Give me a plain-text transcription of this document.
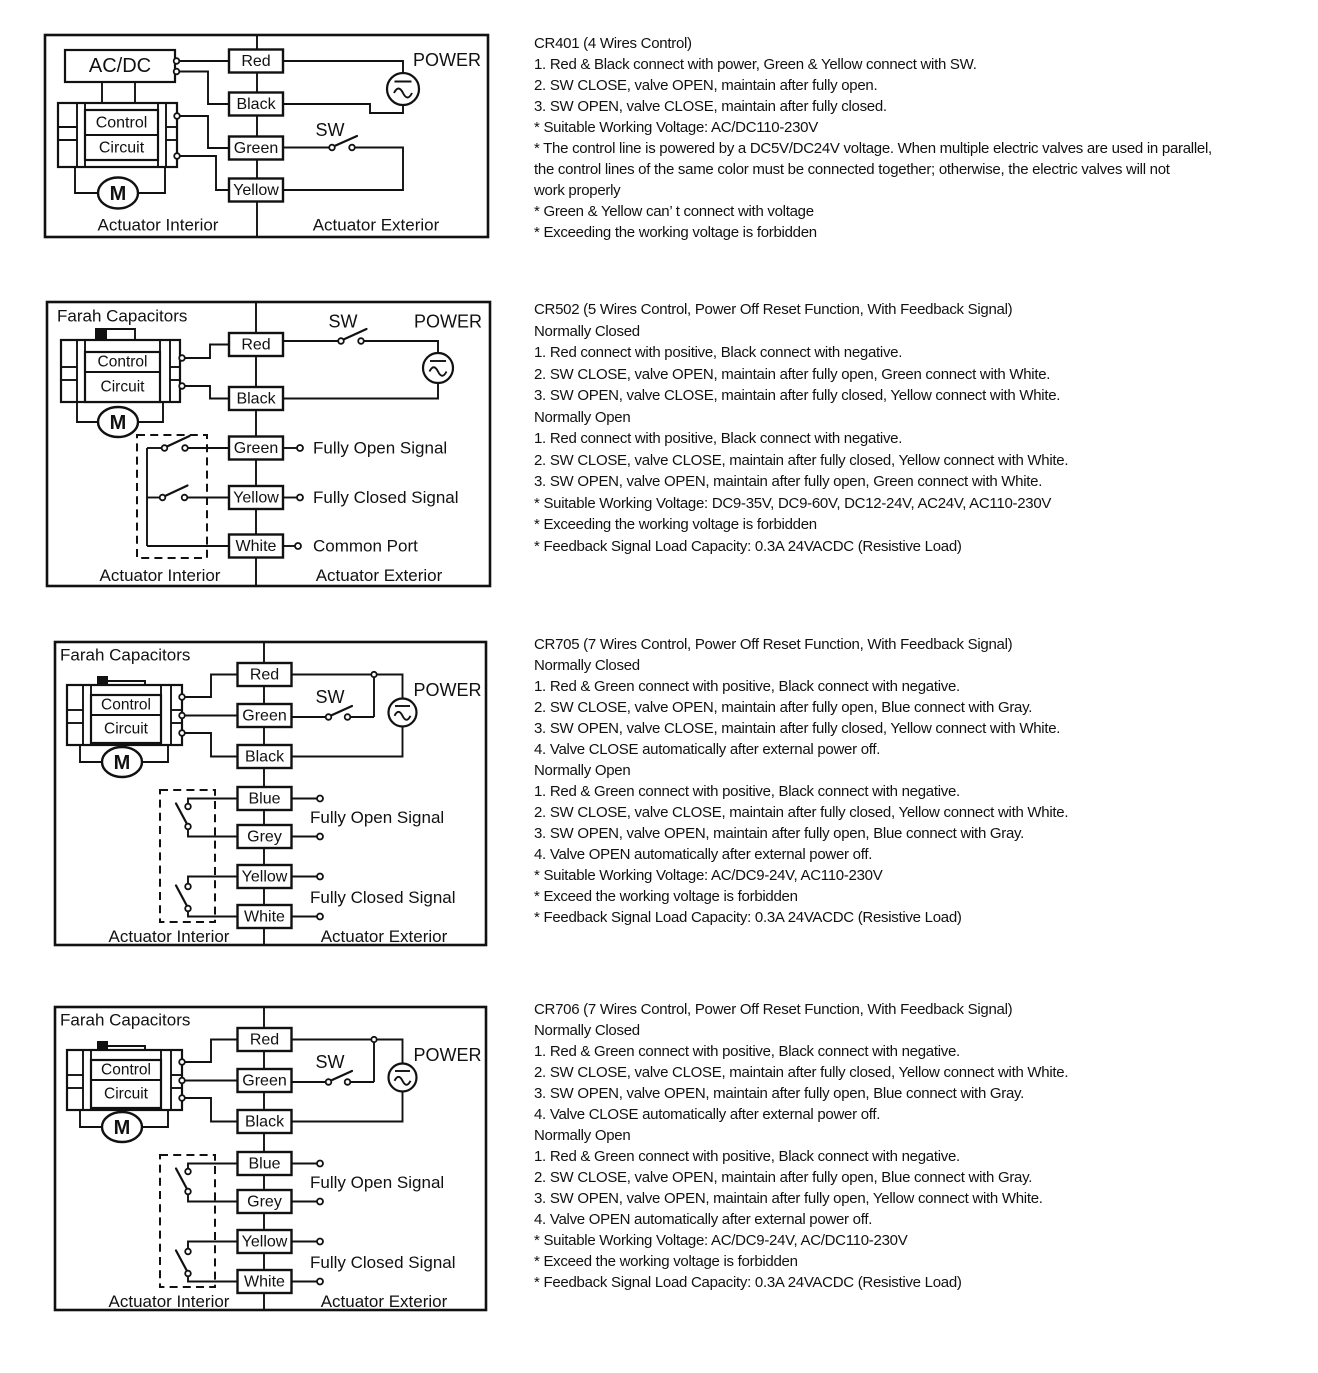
AC/DC
Control
Circuit
M
POWER
SW
Red
Black
Green
Yellow
Actuator Interior	Actuator Exterior
CR401 (4 Wires Control)
1. Red & Black connect with power, Green & Yellow connect with SW.
2. SW CLOSE, valve OPEN, maintain after fully open.
3. SW OPEN, valve CLOSE, maintain after fully closed.
* Suitable Working Voltage: AC/DC110-230V
* The control line is powered by a DC5V/DC24V voltage. When multiple electric valves are used in parallel,
the control lines of the same color must be connected together; otherwise, the electric valves will not
work properly
* Green & Yellow can’ t connect with voltage
* Exceeding the working voltage is forbidden
Farah Capacitors
Control
Circuit
M
POWER
SW
Red
Black
Green
Yellow
White
Fully Open Signal
Fully Closed Signal
Common Port
Actuator Interior	Actuator Exterior
CR502 (5 Wires Control, Power Off Reset Function, With Feedback Signal)
Normally Closed
1. Red connect with positive, Black connect with negative.
2. SW CLOSE, valve OPEN, maintain after fully open, Green connect with White.
3. SW OPEN, valve CLOSE, maintain after fully closed, Yellow connect with White.
Normally Open
1. Red connect with positive, Black connect with negative.
2. SW CLOSE, valve CLOSE, maintain after fully closed, Yellow connect with White.
3. SW OPEN, valve OPEN, maintain after fully open, Green connect with White.
* Suitable Working Voltage: DC9-35V, DC9-60V, DC12-24V, AC24V, AC110-230V
* Exceeding the working voltage is forbidden
* Feedback Signal Load Capacity: 0.3A 24VACDC (Resistive Load)
Farah Capacitors
Control
Circuit
M
POWER
SW
Red
Green
Black
Blue
Grey
Yellow
White
Fully Open Signal
Fully Closed Signal
Actuator Interior	Actuator Exterior
CR705 (7 Wires Control, Power Off Reset Function, With Feedback Signal)
Normally Closed
1. Red & Green connect with positive, Black connect with negative.
2. SW CLOSE, valve OPEN, maintain after fully open, Blue connect with Gray.
3. SW OPEN, valve CLOSE, maintain after fully closed, Yellow connect with White.
4. Valve CLOSE automatically after external power off.
Normally Open
1. Red & Green connect with positive, Black connect with negative.
2. SW CLOSE, valve CLOSE, maintain after fully closed, Yellow connect with White.
3. SW OPEN, valve OPEN, maintain after fully open, Blue connect with Gray.
4. Valve OPEN automatically after external power off.
* Suitable Working Voltage: AC/DC9-24V, AC110-230V
* Exceed the working voltage is forbidden
* Feedback Signal Load Capacity: 0.3A 24VACDC (Resistive Load)
Farah Capacitors
Control
Circuit
M
POWER
SW
Red
Green
Black
Blue
Grey
Yellow
White
Fully Open Signal
Fully Closed Signal
Actuator Interior	Actuator Exterior
CR706 (7 Wires Control, Power Off Reset Function, With Feedback Signal)
Normally Closed
1. Red & Green connect with positive, Black connect with negative.
2. SW CLOSE, valve CLOSE, maintain after fully closed, Yellow connect with White.
3. SW OPEN, valve OPEN, maintain after fully open, Blue connect with Gray.
4. Valve CLOSE automatically after external power off.
Normally Open
1. Red & Green connect with positive, Black connect with negative.
2. SW CLOSE, valve OPEN, maintain after fully open, Blue connect with Gray.
3. SW OPEN, valve OPEN, maintain after fully open, Yellow connect with White.
4. Valve OPEN automatically after external power off.
* Suitable Working Voltage: AC/DC9-24V, AC/DC110-230V
* Exceed the working voltage is forbidden
* Feedback Signal Load Capacity: 0.3A 24VACDC (Resistive Load)
